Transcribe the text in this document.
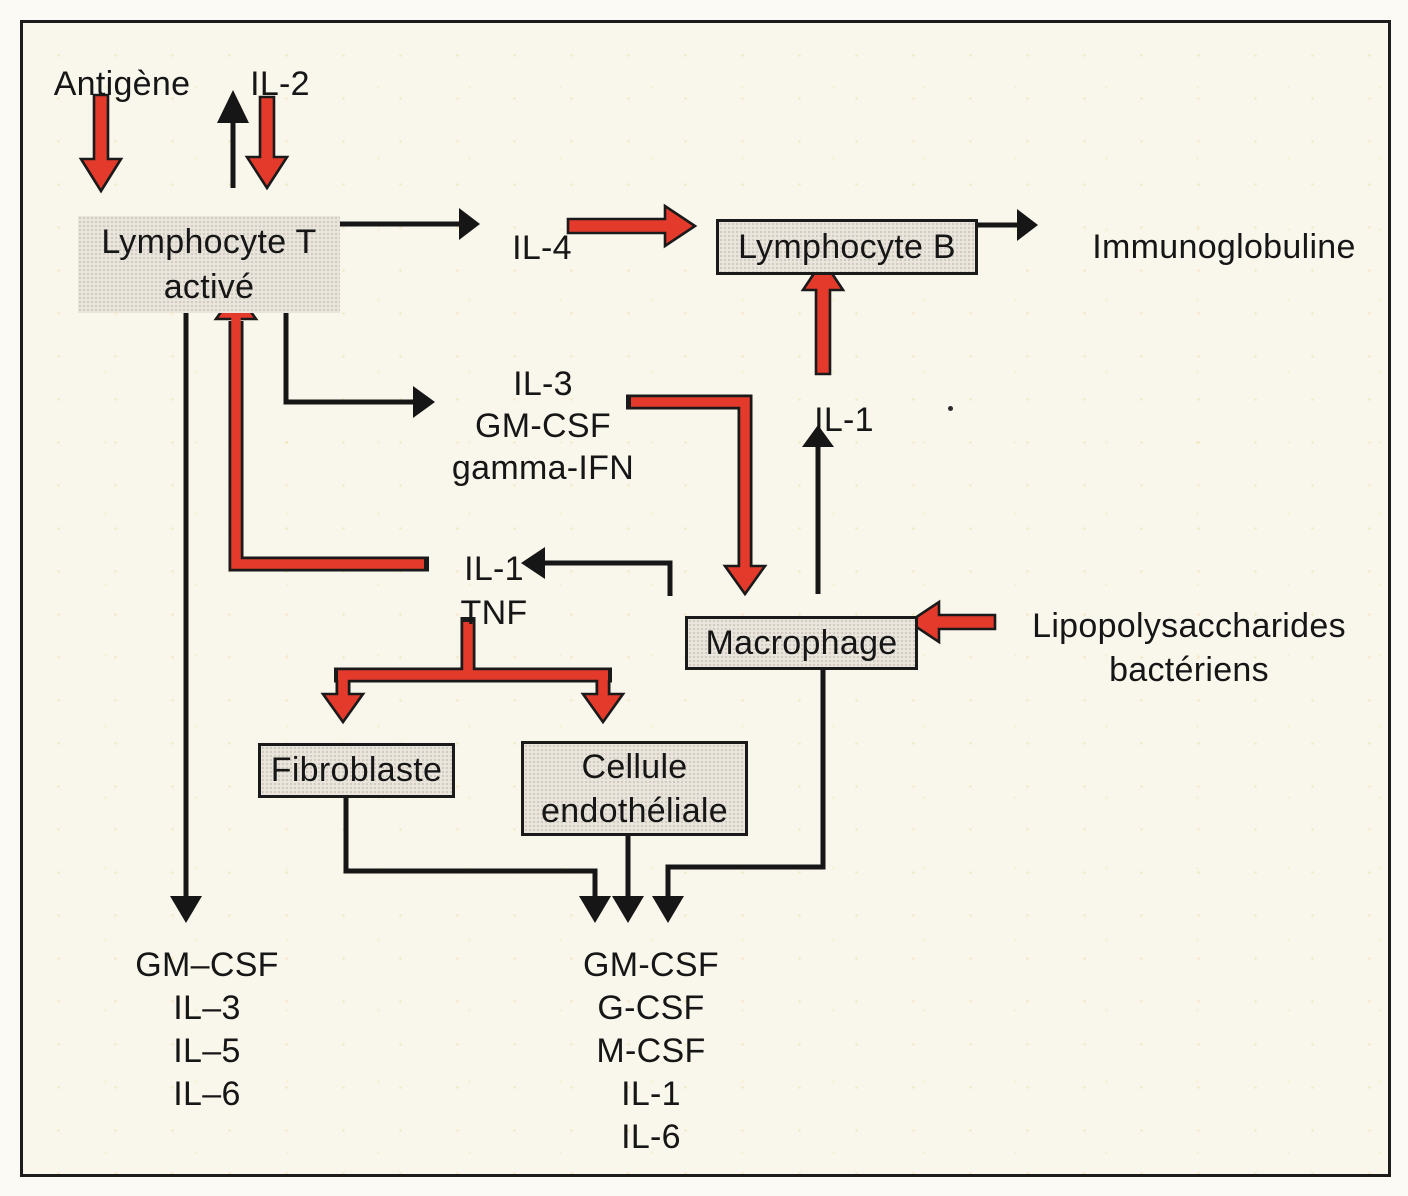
Antigène IL-2
IL-4	Immunoglobuline
IL-3
GM-CSF
gamma-IFN
IL-1
IL-1
TNF	Lipopolysaccharides
bactériens
Lymphocyte T
activé
Lymphocyte B
Macrophage
Fibroblaste	Cellule
endothéliale
GM–CSF
IL–3
IL–5
IL–6
GM-CSF
G-CSF
M-CSF
IL-1
IL-6
